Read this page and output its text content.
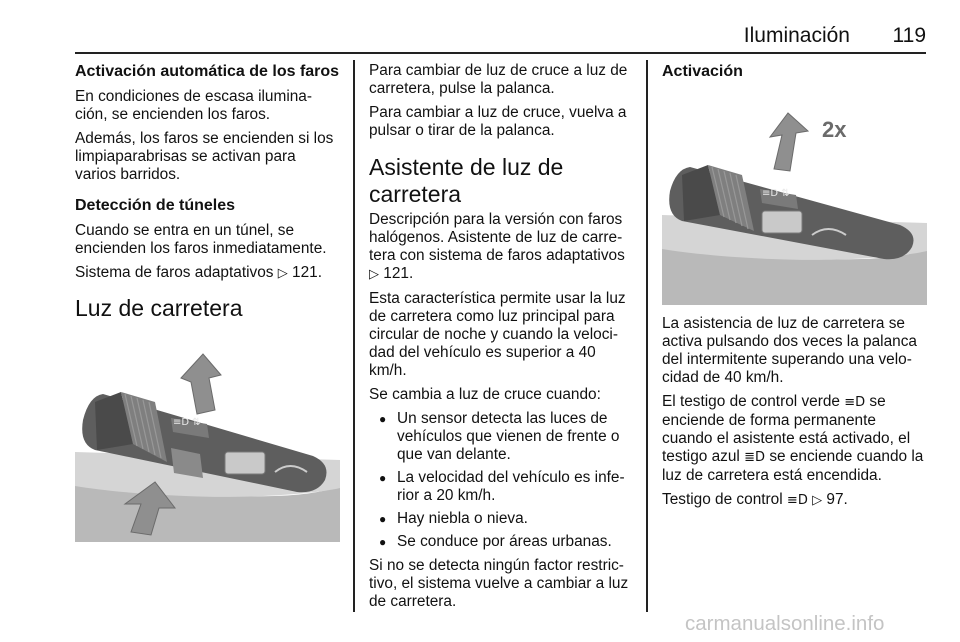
Iluminación	119
Activación automática de los faros

En condiciones de escasa ilumina-ción, se encienden los faros.

Además, los faros se encienden si los limpiaparabrisas se activan para varios barridos.

Detección de túneles

Cuando se entra en un túnel, se encienden los faros inmediatamente.

Sistema de faros adaptativos ▷ 121.

Luz de carretera
≡D ⇅

Para cambiar de luz de cruce a luz de carretera, pulse la palanca.

Para cambiar a luz de cruce, vuelva a pulsar o tirar de la palanca.

Asistente de luz de carretera

Descripción para la versión con faros halógenos. Asistente de luz de carre-tera con sistema de faros adaptativos ▷ 121.

Esta característica permite usar la luz de carretera como luz principal para circular de noche y cuando la veloci-dad del vehículo es superior a 40 km/h.

Se cambia a luz de cruce cuando:

● Un sensor detecta las luces de vehículos que vienen de frente o que van delante.
● La velocidad del vehículo es infe-rior a 20 km/h.
● Hay niebla o nieva.
● Se conduce por áreas urbanas.

Si no se detecta ningún factor restric-tivo, el sistema vuelve a cambiar a luz de carretera.

Activación
≡D ⇅
2x

La asistencia de luz de carretera se activa pulsando dos veces la palanca del intermitente superando una velo-cidad de 40 km/h.

El testigo de control verde ≡D se enciende de forma permanente cuando el asistente está activado, el testigo azul ≣D se enciende cuando la luz de carretera está encendida.

Testigo de control ≡D ▷ 97.

carmanualsonline.info
